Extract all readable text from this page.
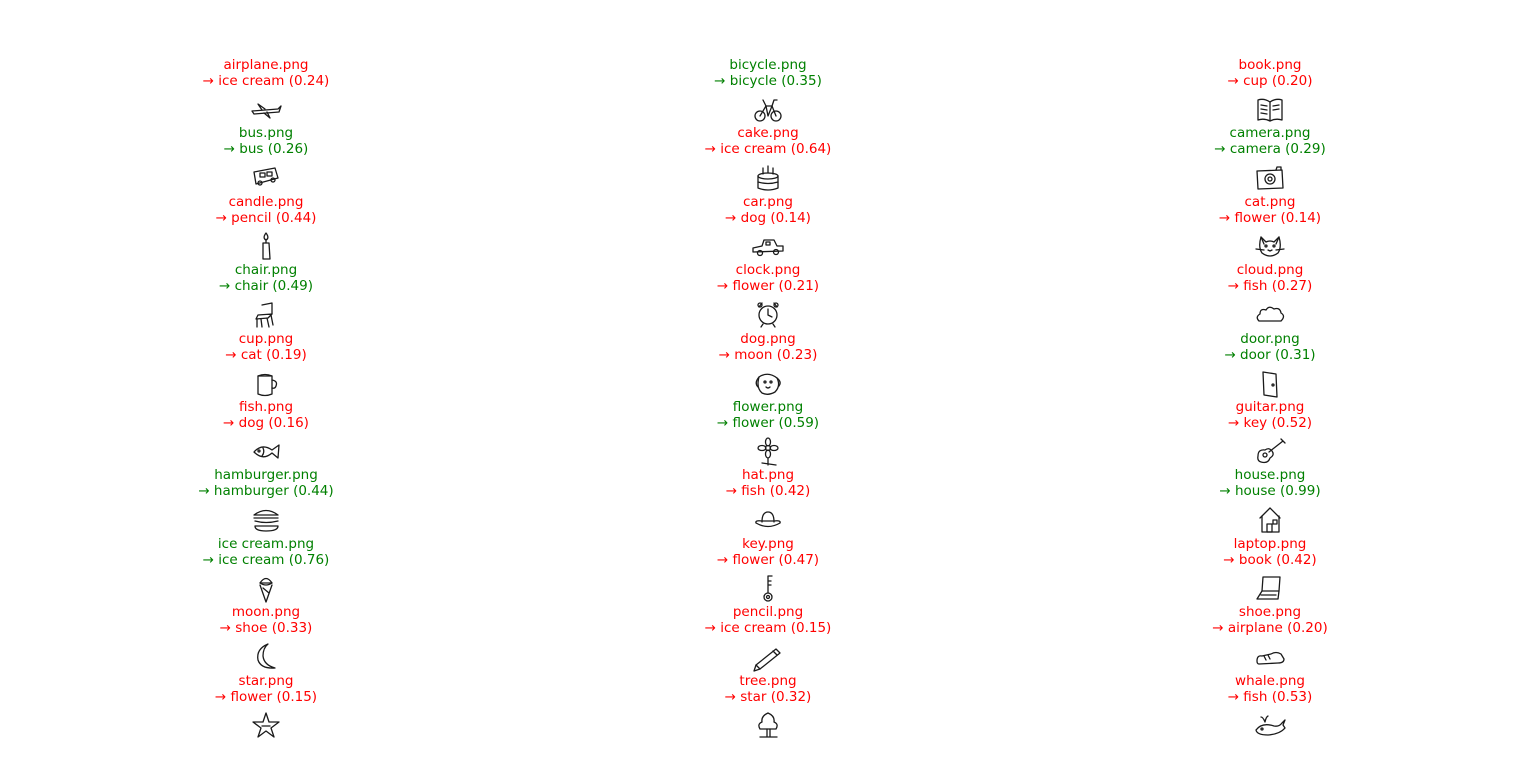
airplane.png
→ ice cream (0.24)
bus.png
→ bus (0.26)
candle.png
→ pencil (0.44)
chair.png
→ chair (0.49)
cup.png
→ cat (0.19)
fish.png
→ dog (0.16)
hamburger.png
→ hamburger (0.44)
ice cream.png
→ ice cream (0.76)
moon.png
→ shoe (0.33)
star.png
→ flower (0.15)
bicycle.png
→ bicycle (0.35)
cake.png
→ ice cream (0.64)
car.png
→ dog (0.14)
clock.png
→ flower (0.21)
dog.png
→ moon (0.23)
flower.png
→ flower (0.59)
hat.png
→ fish (0.42)
key.png
→ flower (0.47)
pencil.png
→ ice cream (0.15)
tree.png
→ star (0.32)
book.png
→ cup (0.20)
camera.png
→ camera (0.29)
cat.png
→ flower (0.14)
cloud.png
→ fish (0.27)
door.png
→ door (0.31)
guitar.png
→ key (0.52)
house.png
→ house (0.99)
laptop.png
→ book (0.42)
shoe.png
→ airplane (0.20)
whale.png
→ fish (0.53)
